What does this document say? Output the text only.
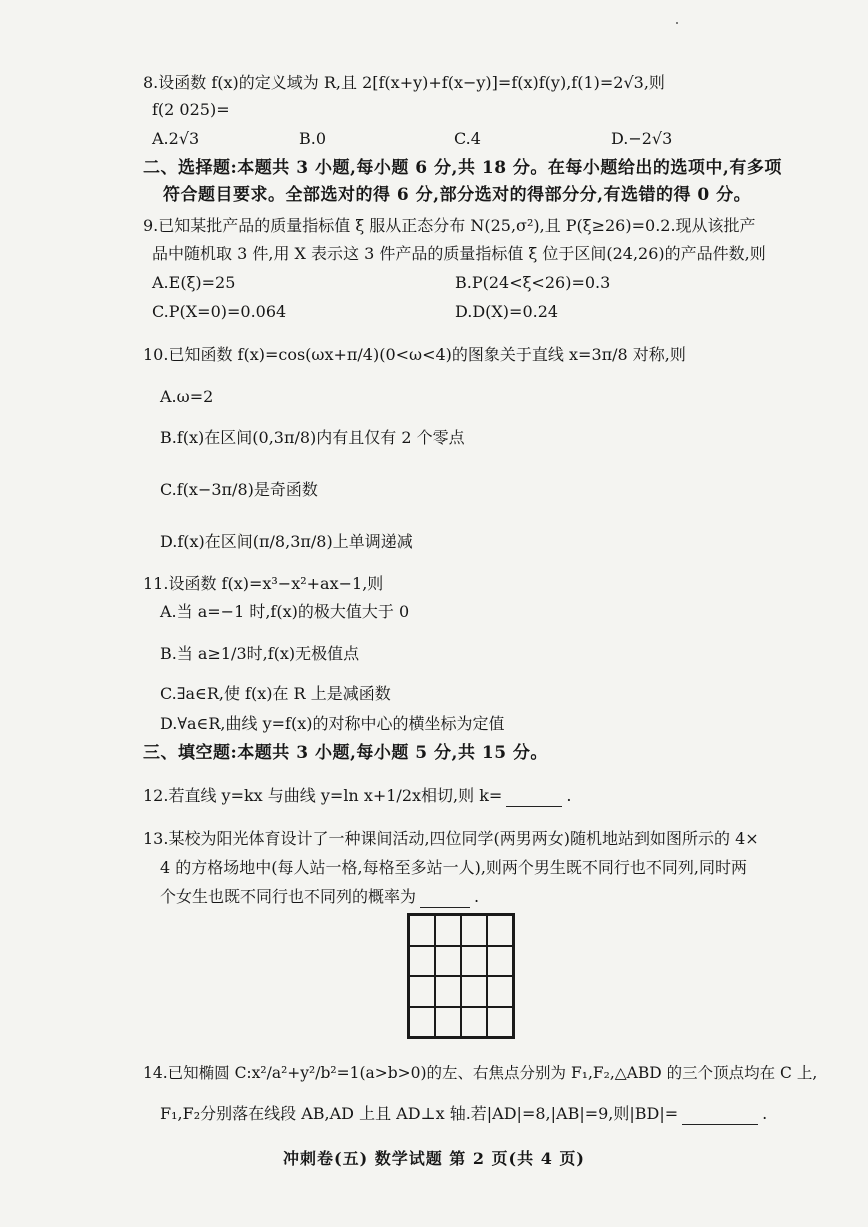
8.设函数 f(x)的定义域为 R,且 2[f(x+y)+f(x−y)]=f(x)f(y),f(1)=2√3,则
f(2 025)=
A.2√3	B.0	C.4	D.−2√3
二、选择题:本题共 3 小题,每小题 6 分,共 18 分。在每小题给出的选项中,有多项
符合题目要求。全部选对的得 6 分,部分选对的得部分分,有选错的得 0 分。
9.已知某批产品的质量指标值 ξ 服从正态分布 N(25,σ²),且 P(ξ≥26)=0.2.现从该批产
品中随机取 3 件,用 X 表示这 3 件产品的质量指标值 ξ 位于区间(24,26)的产品件数,则
A.E(ξ)=25	B.P(24<ξ<26)=0.3
C.P(X=0)=0.064	D.D(X)=0.24
10.已知函数 f(x)=cos(ωx+π/4)(0<ω<4)的图象关于直线 x=3π/8 对称,则
A.ω=2
B.f(x)在区间(0,3π/8)内有且仅有 2 个零点
C.f(x−3π/8)是奇函数
D.f(x)在区间(π/8,3π/8)上单调递减
11.设函数 f(x)=x³−x²+ax−1,则
A.当 a=−1 时,f(x)的极大值大于 0
B.当 a≥1/3时,f(x)无极值点
C.∃a∈R,使 f(x)在 R 上是减函数
D.∀a∈R,曲线 y=f(x)的对称中心的横坐标为定值
三、填空题:本题共 3 小题,每小题 5 分,共 15 分。
12.若直线 y=kx 与曲线 y=ln x+1/2x相切,则 k=	.
13.某校为阳光体育设计了一种课间活动,四位同学(两男两女)随机地站到如图所示的 4×
4 的方格场地中(每人站一格,每格至多站一人),则两个男生既不同行也不同列,同时两
个女生也既不同行也不同列的概率为	.
14.已知椭圆 C:x²/a²+y²/b²=1(a>b>0)的左、右焦点分别为 F₁,F₂,△ABD 的三个顶点均在 C 上,
F₁,F₂分别落在线段 AB,AD 上且 AD⊥x 轴.若|AD|=8,|AB|=9,则|BD|=	.
冲刺卷(五) 数学试题 第 2 页(共 4 页)
